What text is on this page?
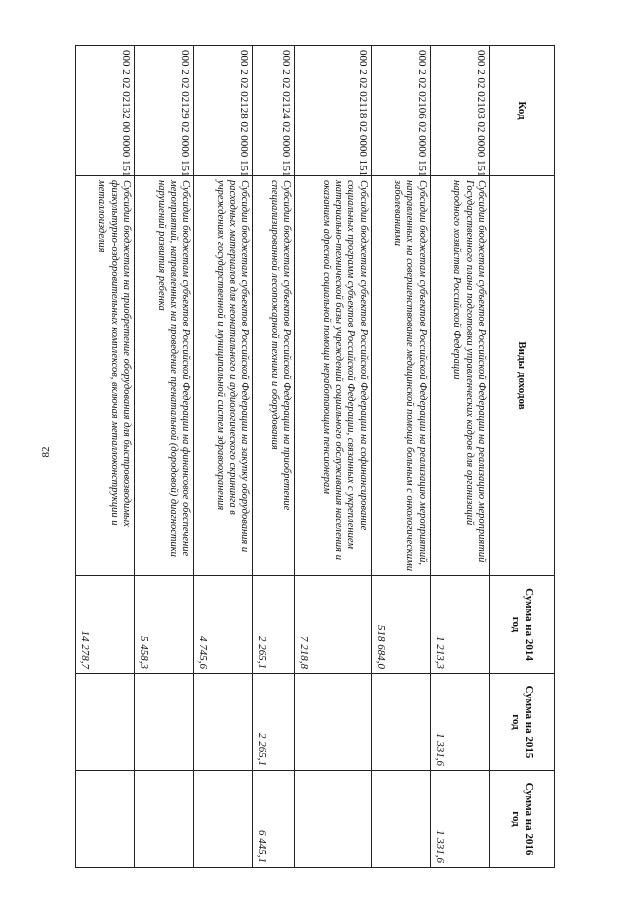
82
Код	Виды доходов	Сумма на 2014 год	Сумма на 2015 год	Сумма на 2016 год
000 2 02 02103 02 0000 151	Субсидии бюджетам субъектов Российской Федерации на реализацию мероприятий Государственного плана подготовки управленческих кадров для организаций народного хозяйства Российской Федерации	1 213,3	1 331,6	1 331,6
000 2 02 02106 02 0000 151	Субсидии бюджетам субъектов Российской Федерации на реализацию мероприятий, направленных на совершенствование медицинской помощи больным с онкологическими заболеваниями	518 684,0		
000 2 02 02118 02 0000 151	Субсидии бюджетам субъектов Российской Федерации на софинансирование социальных программ субъектов Российской Федерации, связанных с укреплением материально-технической базы учреждений социального обслуживания населения и оказанием адресной социальной помощи неработающим пенсионерам	7 218,8		
000 2 02 02124 02 0000 151	Субсидии бюджетам субъектов Российской Федерации на приобретение специализированной лесопожарной техники и оборудования	2 265,1	2 265,1	6 445,1
000 2 02 02128 02 0000 151	Субсидии бюджетам субъектов Российской Федерации на закупку оборудования и расходных материалов для неонатального и аудиологического скрининга в учреждениях государственной и муниципальной систем здравоохранения	4 745,6		
000 2 02 02129 02 0000 151	Субсидии бюджетам субъектов Российской Федерации на финансовое обеспечение мероприятий, направленных на проведение пренатальной (дородовой) диагностики нарушений развития ребенка	5 458,3		
000 2 02 02132 00 0000 151	Субсидии бюджетам на приобретение оборудования для быстровозводимых физкультурно-оздоровительных комплексов, включая металлоконструкции и металлоизделия	14 278,7		
